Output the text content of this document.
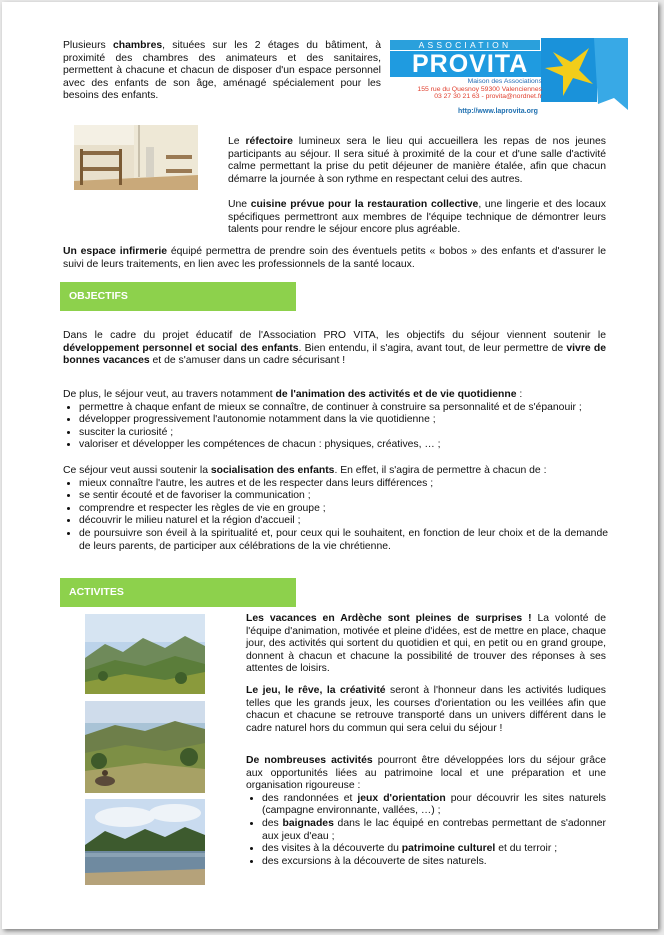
Plusieurs chambres, situées sur les 2 étages du bâtiment, à proximité des chambres des animateurs et des sanitaires, permettent à chacune et chacun de disposer d'un espace personnel avec des enfants de son âge, aménagé spécialement pour les besoins des enfants.

ASSOCIATION
PROVITA
Maison des Associations
155 rue du Quesnoy 59300 Valenciennes
03 27 30 21 63 - provita@nordnet.fr
http://www.laprovita.org

Le réfectoire lumineux sera le lieu qui accueillera les repas de nos jeunes participants au séjour. Il sera situé à proximité de la cour et d'une salle d'activité calme permettant la prise du petit déjeuner de manière étalée, afin que chacun démarre la journée à son rythme en respectant celui des autres.

Une cuisine prévue pour la restauration collective, une lingerie et des locaux spécifiques permettront aux membres de l'équipe technique de démontrer leurs talents pour rendre le séjour encore plus agréable.

Un espace infirmerie équipé permettra de prendre soin des éventuels petits « bobos » des enfants et d'assurer le suivi de leurs traitements, en lien avec les professionnels de la santé locaux.

OBJECTIFS

Dans le cadre du projet éducatif de l'Association PRO VITA, les objectifs du séjour viennent soutenir le développement personnel et social des enfants. Bien entendu, il s'agira, avant tout, de leur permettre de vivre de bonnes vacances et de s'amuser dans un cadre sécurisant !

De plus, le séjour veut, au travers notamment de l'animation des activités et de vie quotidienne :

• permettre à chaque enfant de mieux se connaître, de continuer à construire sa personnalité et de s'épanouir ;
• développer progressivement l'autonomie notamment dans la vie quotidienne ;
• susciter la curiosité ;
• valoriser et développer les compétences de chacun : physiques, créatives, … ;

Ce séjour veut aussi soutenir la socialisation des enfants. En effet, il s'agira de permettre à chacun de :

• mieux connaître l'autre, les autres et de les respecter dans leurs différences ;
• se sentir écouté et de favoriser la communication ;
• comprendre et respecter les règles de vie en groupe ;
• découvrir le milieu naturel et la région d'accueil ;
• de poursuivre son éveil à la spiritualité et, pour ceux qui le souhaitent, en fonction de leur choix et de la demande de leurs parents, de participer aux célébrations de la vie chrétienne.
ACTIVITES

Les vacances en Ardèche sont pleines de surprises ! La volonté de l'équipe d'animation, motivée et pleine d'idées, est de mettre en place, chaque jour, des activités qui sortent du quotidien et qui, en petit ou en grand groupe, donnent à chacun et chacune la possibilité de trouver des réponses à ses attentes de loisirs.

Le jeu, le rêve, la créativité seront à l'honneur dans les activités ludiques telles que les grands jeux, les courses d'orientation ou les veillées afin que chacun et chacune se retrouve transporté dans un univers différent dans le cadre naturel hors du commun qui sera celui du séjour !

De nombreuses activités pourront être développées lors du séjour grâce aux opportunités liées au patrimoine local et une préparation et une organisation rigoureuse :

• des randonnées et jeux d'orientation pour découvrir les sites naturels (campagne environnante, vallées, …) ;
• des baignades dans le lac équipé en contrebas permettant de s'adonner aux jeux d'eau ;
• des visites à la découverte du patrimoine culturel et du terroir ;
• des excursions à la découverte de sites naturels.
